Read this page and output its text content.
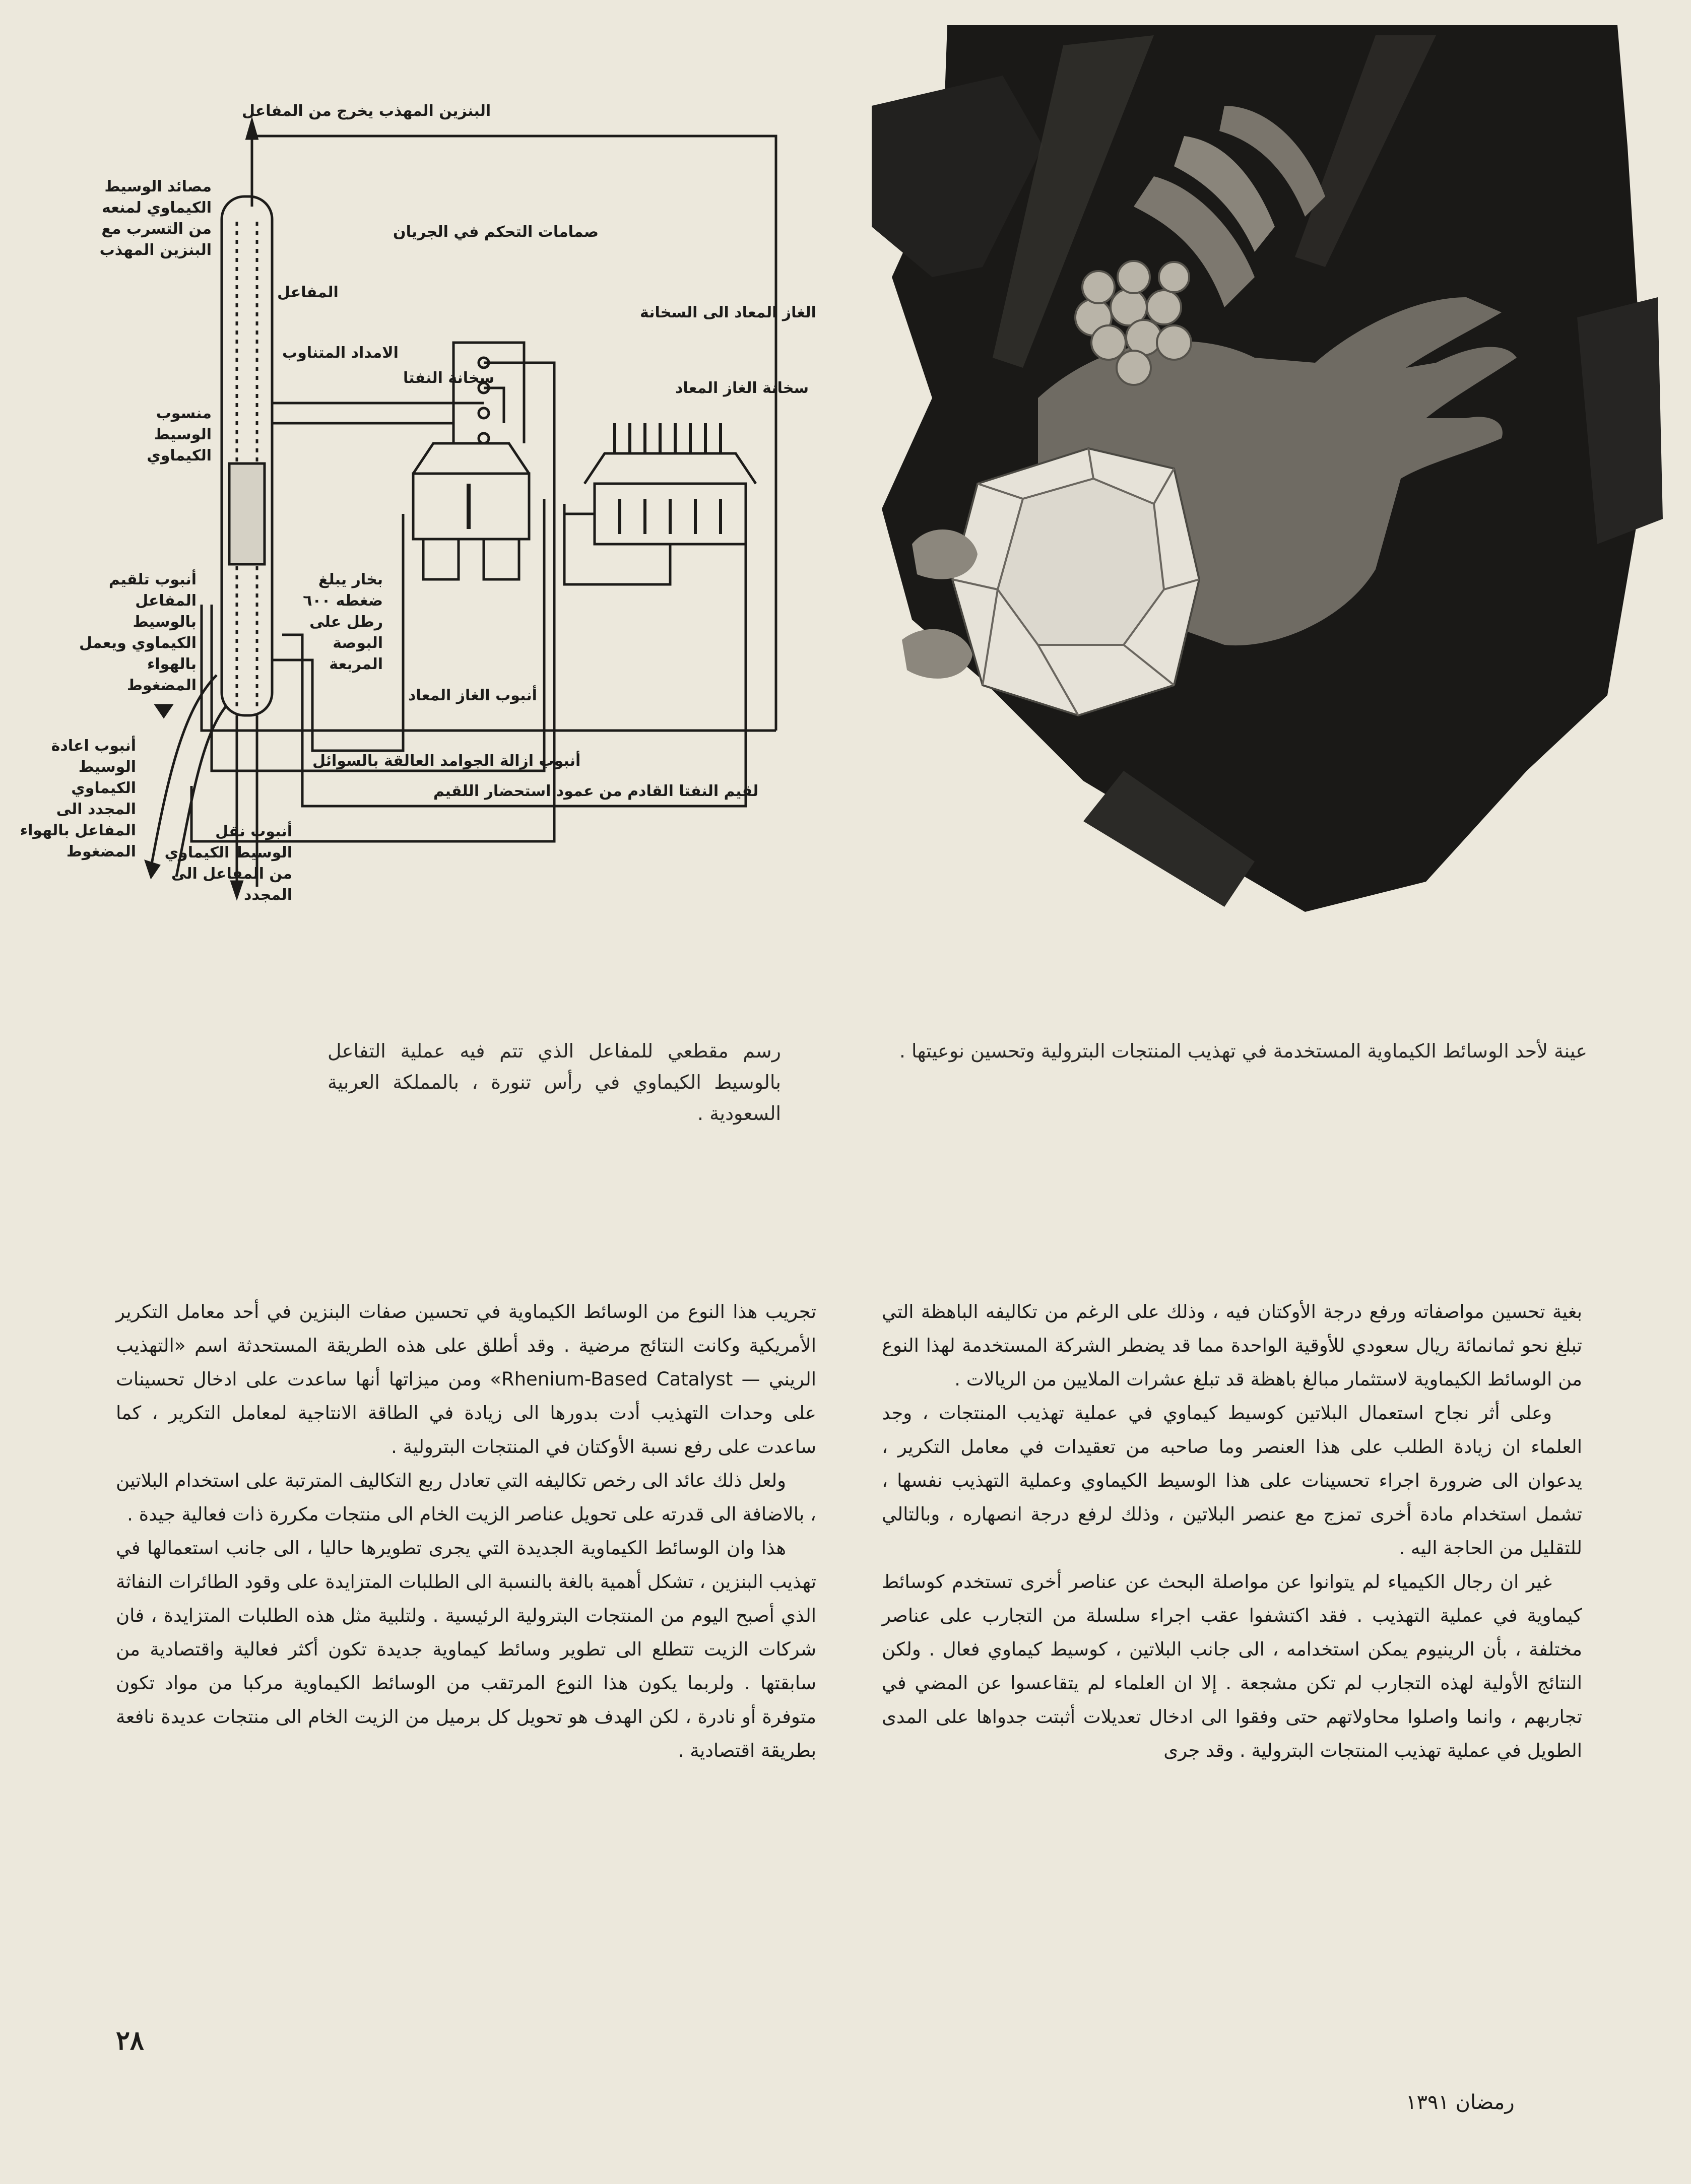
البنزين المهذب يخرج من المفاعل
مصائد الوسيط
الكيماوي لمنعه
من التسرب مع
البنزين المهذب
صمامات التحكم في الجريان
المفاعل
الغاز المعاد الى السخانة
الامداد المتناوب
سخانة النفتا
سخانة الغاز المعاد
منسوب الوسيط
الكيماوي
أنبوب تلقيم
المفاعل بالوسيط
الكيماوي ويعمل
بالهواء المضغوط
بخار يبلغ
ضغطه ٦٠٠
رطل على
البوصة المربعة
أنبوب الغاز المعاد
أنبوب اعادة
الوسيط الكيماوي
المجدد الى
المفاعل بالهواء
المضغوط
أنبوب ازالة الجوامد العالقة بالسوائل
لقيم النفتا القادم من عمود استحضار اللقيم
أنبوب نقل
الوسيط الكيماوي
من المفاعل الى
المجدد
رسم مقطعي للمفاعل الذي تتم فيه عملية التفاعل بالوسيط الكيماوي في رأس تنورة ، بالمملكة العربية السعودية .
عينة لأحد الوسائط الكيماوية المستخدمة في تهذيب المنتجات البترولية وتحسين نوعيتها .

بغية تحسين مواصفاته ورفع درجة الأوكتان فيه ، وذلك على الرغم من تكاليفه الباهظة التي تبلغ نحو ثمانمائة ريال سعودي للأوقية الواحدة مما قد يضطر الشركة المستخدمة لهذا النوع من الوسائط الكيماوية لاستثمار مبالغ باهظة قد تبلغ عشرات الملايين من الريالات .

وعلى أثر نجاح استعمال البلاتين كوسيط كيماوي في عملية تهذيب المنتجات ، وجد العلماء ان زيادة الطلب على هذا العنصر وما صاحبه من تعقيدات في معامل التكرير ، يدعوان الى ضرورة اجراء تحسينات على هذا الوسيط الكيماوي وعملية التهذيب نفسها ، تشمل استخدام مادة أخرى تمزج مع عنصر البلاتين ، وذلك لرفع درجة انصهاره ، وبالتالي للتقليل من الحاجة اليه .

غير ان رجال الكيمياء لم يتوانوا عن مواصلة البحث عن عناصر أخرى تستخدم كوسائط كيماوية في عملية التهذيب . فقد اكتشفوا عقب اجراء سلسلة من التجارب على عناصر مختلفة ، بأن الرينيوم يمكن استخدامه ، الى جانب البلاتين ، كوسيط كيماوي فعال . ولكن النتائج الأولية لهذه التجارب لم تكن مشجعة . إلا ان العلماء لم يتقاعسوا عن المضي في تجاربهم ، وانما واصلوا محاولاتهم حتى وفقوا الى ادخال تعديلات أثبتت جدواها على المدى الطويل في عملية تهذيب المنتجات البترولية . وقد جرى

تجريب هذا النوع من الوسائط الكيماوية في تحسين صفات البنزين في أحد معامل التكرير الأمريكية وكانت النتائج مرضية . وقد أطلق على هذه الطريقة المستحدثة اسم «التهذيب الريني — Rhenium-Based Catalyst» ومن ميزاتها أنها ساعدت على ادخال تحسينات على وحدات التهذيب أدت بدورها الى زيادة في الطاقة الانتاجية لمعامل التكرير ، كما ساعدت على رفع نسبة الأوكتان في المنتجات البترولية .

ولعل ذلك عائد الى رخص تكاليفه التي تعادل ربع التكاليف المترتبة على استخدام البلاتين ، بالاضافة الى قدرته على تحويل عناصر الزيت الخام الى منتجات مكررة ذات فعالية جيدة .

هذا وان الوسائط الكيماوية الجديدة التي يجرى تطويرها حاليا ، الى جانب استعمالها في تهذيب البنزين ، تشكل أهمية بالغة بالنسبة الى الطلبات المتزايدة على وقود الطائرات النفاثة الذي أصبح اليوم من المنتجات البترولية الرئيسية . ولتلبية مثل هذه الطلبات المتزايدة ، فان شركات الزيت تتطلع الى تطوير وسائط كيماوية جديدة تكون أكثر فعالية واقتصادية من سابقتها . ولربما يكون هذا النوع المرتقب من الوسائط الكيماوية مركبا من مواد تكون متوفرة أو نادرة ، لكن الهدف هو تحويل كل برميل من الزيت الخام الى منتجات عديدة نافعة بطريقة اقتصادية .

٢٨
رمضان ١٣٩١
